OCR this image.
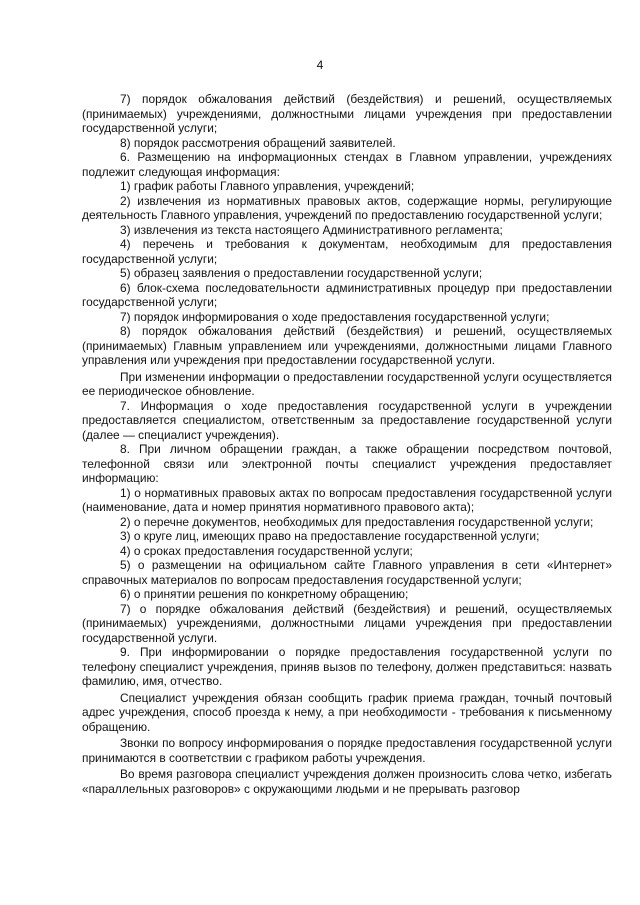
4

7) порядок обжалования действий (бездействия) и решений, осуществляемых (принимаемых) учреждениями, должностными лицами учреждения при предоставлении государственной услуги;

8) порядок рассмотрения обращений заявителей.

6. Размещению на информационных стендах в Главном управлении, учреждениях подлежит следующая информация:

1) график работы Главного управления, учреждений;

2) извлечения из нормативных правовых актов, содержащие нормы, регулирующие деятельность Главного управления, учреждений по предоставлению государственной услуги;

3) извлечения из текста настоящего Административного регламента;

4) перечень и требования к документам, необходимым для предоставления государственной услуги;

5) образец заявления о предоставлении государственной услуги;

6) блок-схема последовательности административных процедур при предоставлении государственной услуги;

7) порядок информирования о ходе предоставления государственной услуги;

8) порядок обжалования действий (бездействия) и решений, осуществляемых (принимаемых) Главным управлением или учреждениями, должностными лицами Главного управления или учреждения при предоставлении государственной услуги.

При изменении информации о предоставлении государственной услуги осуществляется ее периодическое обновление.

7. Информация о ходе предоставления государственной услуги в учреждении предоставляется специалистом, ответственным за предоставление государственной услуги (далее — специалист учреждения).

8. При личном обращении граждан, а также обращении посредством почтовой, телефонной связи или электронной почты специалист учреждения предоставляет информацию:

1) о нормативных правовых актах по вопросам предоставления государственной услуги (наименование, дата и номер принятия нормативного правового акта);

2) о перечне документов, необходимых для предоставления государственной услуги;

3) о круге лиц, имеющих право на предоставление государственной услуги;

4) о сроках предоставления государственной услуги;

5) о размещении на официальном сайте Главного управления в сети «Интернет» справочных материалов по вопросам предоставления государственной услуги;

6) о принятии решения по конкретному обращению;

7) о порядке обжалования действий (бездействия) и решений, осуществляемых (принимаемых) учреждениями, должностными лицами учреждения при предоставлении государственной услуги.

9. При информировании о порядке предоставления государственной услуги по телефону специалист учреждения, приняв вызов по телефону, должен представиться: назвать фамилию, имя, отчество.

Специалист учреждения обязан сообщить график приема граждан, точный почтовый адрес учреждения, способ проезда к нему, а при необходимости - требования к письменному обращению.

Звонки по вопросу информирования о порядке предоставления государственной услуги принимаются в соответствии с графиком работы учреждения.

Во время разговора специалист учреждения должен произносить слова четко, избегать «параллельных разговоров» с окружающими людьми и не прерывать разговор
